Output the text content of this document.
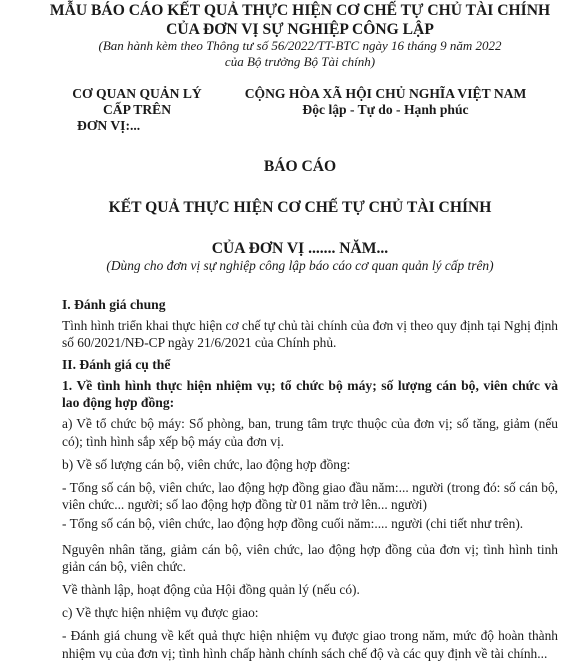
MẪU BÁO CÁO KẾT QUẢ THỰC HIỆN CƠ CHẾ TỰ CHỦ TÀI CHÍNH
CỦA ĐƠN VỊ SỰ NGHIỆP CÔNG LẬP
(Ban hành kèm theo Thông tư số 56/2022/TT-BTC ngày 16 tháng 9 năm 2022
của Bộ trưởng Bộ Tài chính)
CƠ QUAN QUẢN LÝ
CẤP TRÊN
ĐƠN VỊ:...
CỘNG HÒA XÃ HỘI CHỦ NGHĨA VIỆT NAM
Độc lập - Tự do - Hạnh phúc
BÁO CÁO
KẾT QUẢ THỰC HIỆN CƠ CHẾ TỰ CHỦ TÀI CHÍNH
CỦA ĐƠN VỊ ....... NĂM...
(Dùng cho đơn vị sự nghiệp công lập báo cáo cơ quan quản lý cấp trên)
I. Đánh giá chung

Tình hình triển khai thực hiện cơ chế tự chủ tài chính của đơn vị theo quy định tại Nghị định số 60/2021/NĐ-CP ngày 21/6/2021 của Chính phủ.

II. Đánh giá cụ thể
1. Về tình hình thực hiện nhiệm vụ; tổ chức bộ máy; số lượng cán bộ, viên chức và lao động hợp đồng:

a) Về tổ chức bộ máy: Số phòng, ban, trung tâm trực thuộc của đơn vị; số tăng, giảm (nếu có); tình hình sắp xếp bộ máy của đơn vị.

b) Về số lượng cán bộ, viên chức, lao động hợp đồng:

- Tổng số cán bộ, viên chức, lao động hợp đồng giao đầu năm:... người (trong đó: số cán bộ, viên chức... người; số lao động hợp đồng từ 01 năm trở lên... người)

- Tổng số cán bộ, viên chức, lao động hợp đồng cuối năm:.... người (chi tiết như trên).

Nguyên nhân tăng, giảm cán bộ, viên chức, lao động hợp đồng của đơn vị; tình hình tinh giản cán bộ, viên chức.

Về thành lập, hoạt động của Hội đồng quản lý (nếu có).

c) Về thực hiện nhiệm vụ được giao:

- Đánh giá chung về kết quả thực hiện nhiệm vụ được giao trong năm, mức độ hoàn thành nhiệm vụ của đơn vị; tình hình chấp hành chính sách chế độ và các quy định về tài chính...
